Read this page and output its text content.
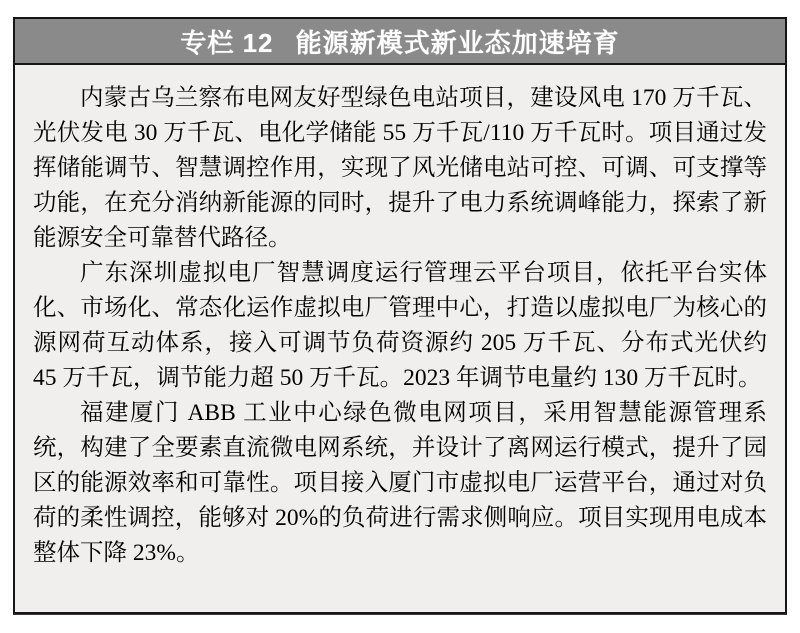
专栏 12 能源新模式新业态加速培育

内蒙古乌兰察布电网友好型绿色电站项目，建设风电 170 万千瓦、光伏发电 30 万千瓦、电化学储能 55 万千瓦/110 万千瓦时。项目通过发挥储能调节、智慧调控作用，实现了风光储电站可控、可调、可支撑等功能，在充分消纳新能源的同时，提升了电力系统调峰能力，探索了新能源安全可靠替代路径。

广东深圳虚拟电厂智慧调度运行管理云平台项目，依托平台实体化、市场化、常态化运作虚拟电厂管理中心，打造以虚拟电厂为核心的源网荷互动体系，接入可调节负荷资源约 205 万千瓦、分布式光伏约 45 万千瓦，调节能力超 50 万千瓦。2023 年调节电量约 130 万千瓦时。

福建厦门 ABB 工业中心绿色微电网项目，采用智慧能源管理系统，构建了全要素直流微电网系统，并设计了离网运行模式，提升了园区的能源效率和可靠性。项目接入厦门市虚拟电厂运营平台，通过对负荷的柔性调控，能够对 20%的负荷进行需求侧响应。项目实现用电成本整体下降 23%。
